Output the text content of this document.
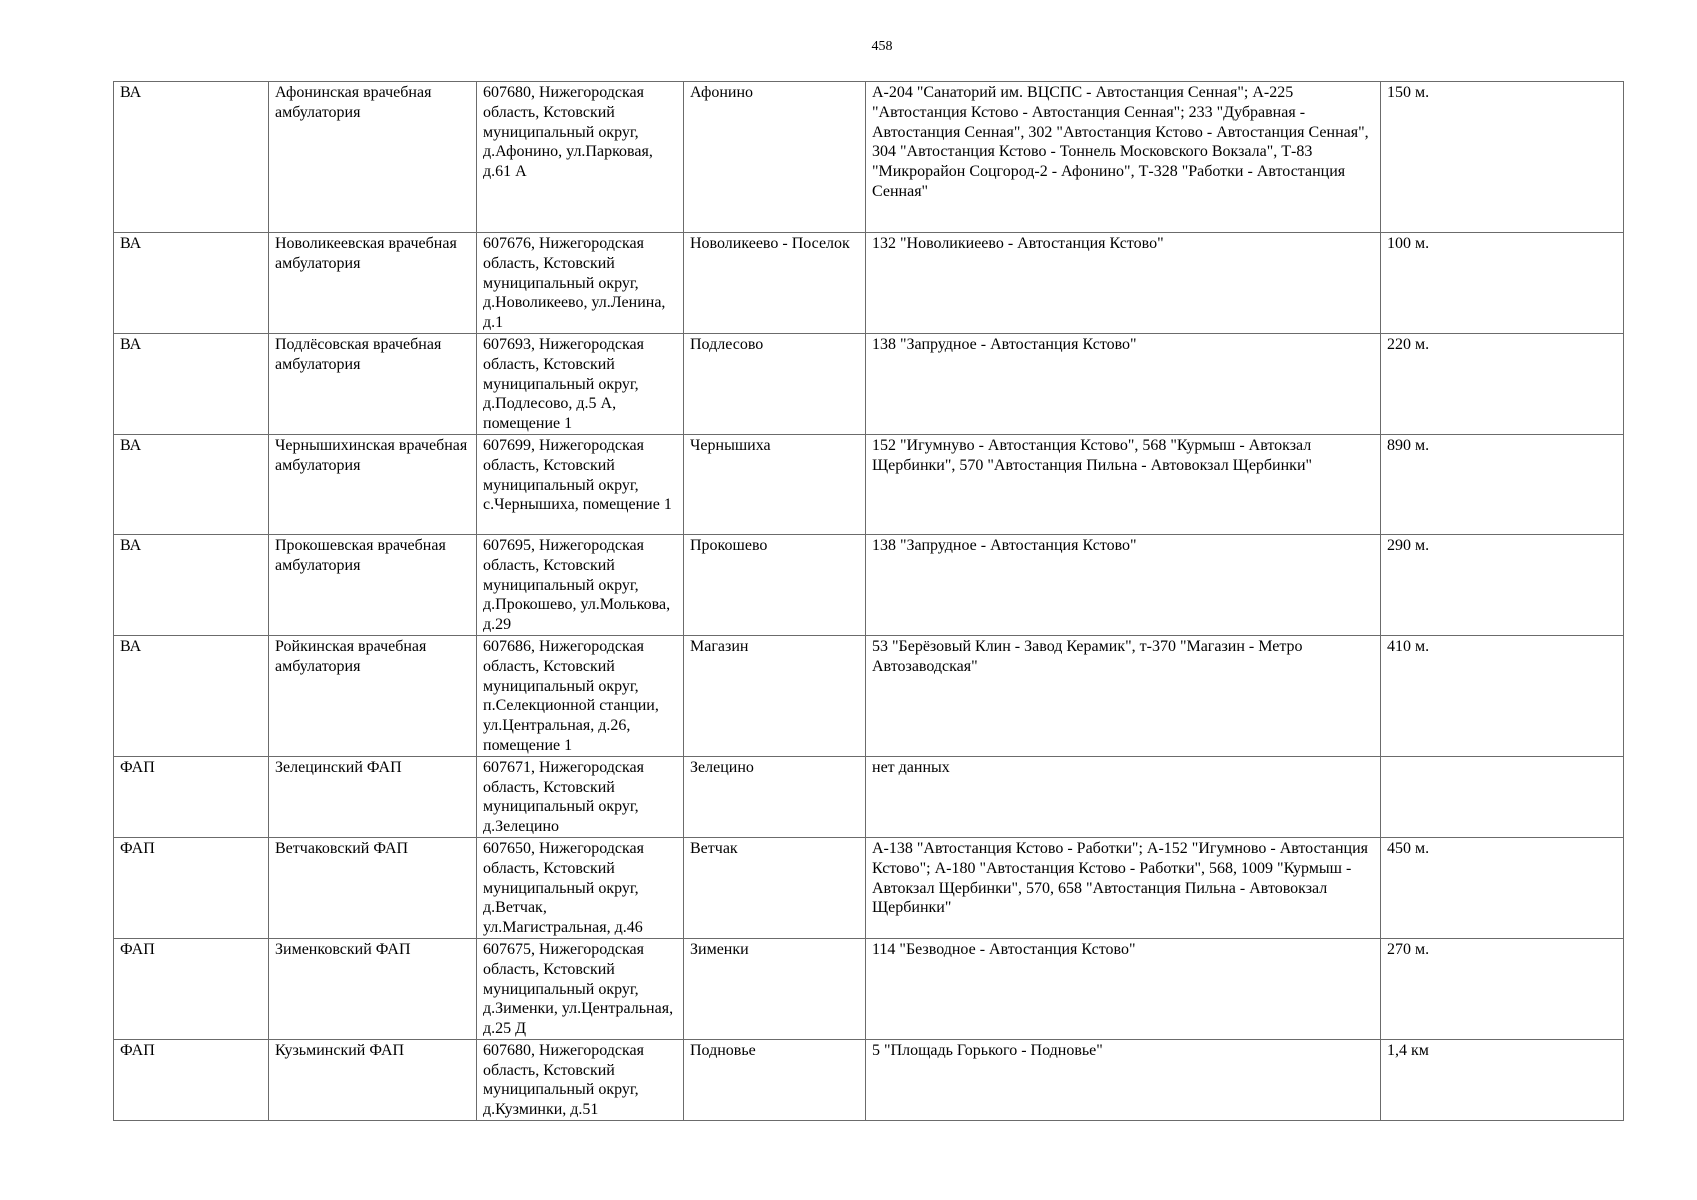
458
ВА	Афонинская врачебная амбулатория	607680, Нижегородская область, Кстовский муниципальный округ, д.Афонино, ул.Парковая, д.61 А	Афонино	А-204 "Санаторий им. ВЦСПС - Автостанция Сенная"; А-225 "Автостанция Кстово - Автостанция Сенная"; 233 "Дубравная - Автостанция Сенная", 302 "Автостанция Кстово - Автостанция Сенная", 304 "Автостанция Кстово - Тоннель Московского Вокзала", Т-83 "Микрорайон Соцгород-2 - Афонино", Т-328 "Работки - Автостанция Сенная"	150 м.
ВА	Новоликеевская врачебная амбулатория	607676, Нижегородская область, Кстовский муниципальный округ, д.Новоликеево, ул.Ленина, д.1	Новоликеево - Поселок	132 "Новоликиеево - Автостанция Кстово"	100 м.
ВА	Подлёсовская врачебная амбулатория	607693, Нижегородская область, Кстовский муниципальный округ, д.Подлесово, д.5 А, помещение 1	Подлесово	138 "Запрудное - Автостанция Кстово"	220 м.
ВА	Чернышихинская врачебная амбулатория	607699, Нижегородская область, Кстовский муниципальный округ, с.Чернышиха, помещение 1	Чернышиха	152 "Игумнуво - Автостанция Кстово", 568 "Курмыш - Автокзал Щербинки", 570 "Автостанция Пильна - Автовокзал Щербинки"	890 м.
ВА	Прокошевская врачебная амбулатория	607695, Нижегородская область, Кстовский муниципальный округ, д.Прокошево, ул.Молькова, д.29	Прокошево	138 "Запрудное - Автостанция Кстово"	290 м.
ВА	Ройкинская врачебная амбулатория	607686, Нижегородская область, Кстовский муниципальный округ, п.Селекционной станции, ул.Центральная, д.26, помещение 1	Магазин	53 "Берёзовый Клин - Завод Керамик", т-370 "Магазин - Метро Автозаводская"	410 м.
ФАП	Зелецинский ФАП	607671, Нижегородская область, Кстовский муниципальный округ, д.Зелецино	Зелецино	нет данных	
ФАП	Ветчаковский ФАП	607650, Нижегородская область, Кстовский муниципальный округ, д.Ветчак, ул.Магистральная, д.46	Ветчак	А-138 "Автостанция Кстово - Работки"; А-152 "Игумново - Автостанция Кстово"; А-180 "Автостанция Кстово - Работки", 568, 1009 "Курмыш - Автокзал Щербинки", 570, 658 "Автостанция Пильна - Автовокзал Щербинки"	450 м.
ФАП	Зименковский ФАП	607675, Нижегородская область, Кстовский муниципальный округ, д.Зименки, ул.Центральная, д.25 Д	Зименки	114 "Безводное - Автостанция Кстово"	270 м.
ФАП	Кузьминский ФАП	607680, Нижегородская область, Кстовский муниципальный округ, д.Кузминки, д.51	Подновье	5 "Площадь Горького - Подновье"	1,4 км
